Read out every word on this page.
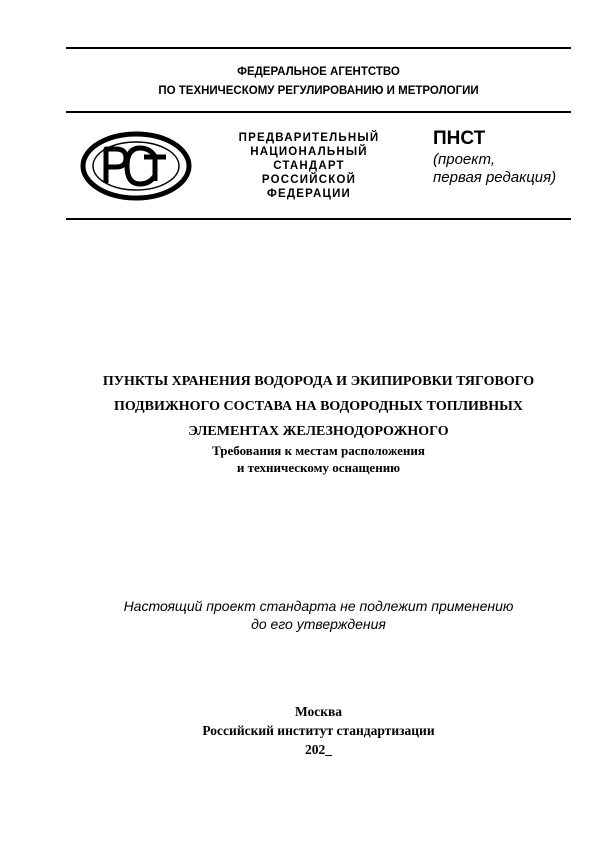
ФЕДЕРАЛЬНОЕ АГЕНТСТВО
ПО ТЕХНИЧЕСКОМУ РЕГУЛИРОВАНИЮ И МЕТРОЛОГИИ
ПРЕДВАРИТЕЛЬНЫЙ
НАЦИОНАЛЬНЫЙ
СТАНДАРТ
РОССИЙСКОЙ
ФЕДЕРАЦИИ
ПНСТ
(проект,
первая редакция)
ПУНКТЫ ХРАНЕНИЯ ВОДОРОДА И ЭКИПИРОВКИ ТЯГОВОГО
ПОДВИЖНОГО СОСТАВА НА ВОДОРОДНЫХ ТОПЛИВНЫХ
ЭЛЕМЕНТАХ ЖЕЛЕЗНОДОРОЖНОГО
Требования к местам расположения
и техническому оснащению
Настоящий проект стандарта не подлежит применению
до его утверждения
Москва
Российский институт стандартизации
202_
